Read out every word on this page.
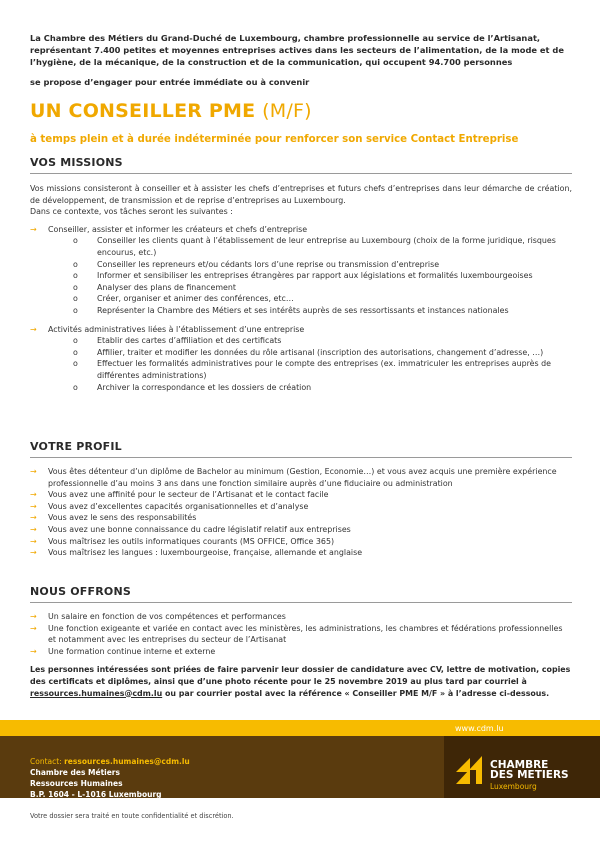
La Chambre des Métiers du Grand-Duché de Luxembourg, chambre professionnelle au service de l’Artisanat, représentant 7.400 petites et moyennes entreprises actives dans les secteurs de l’alimentation, de la mode et de l’hygiène, de la mécanique, de la construction et de la communication, qui occupent 94.700 personnes

se propose d’engager pour entrée immédiate ou à convenir

UN CONSEILLER PME (M/F)
à temps plein et à durée indéterminée pour renforcer son service Contact Entreprise
VOS MISSIONS
Vos missions consisteront à conseiller et à assister les chefs d’entreprises et futurs chefs d’entreprises dans leur démarche de création, de développement, de transmission et de reprise d’entreprises au Luxembourg.
Dans ce contexte, vos tâches seront les suivantes :
→	Conseiller, assister et informer les créateurs et chefs d’entreprise
o	Conseiller les clients quant à l’établissement de leur entreprise au Luxembourg (choix de la forme juridique, risques encourus, etc.)
o	Conseiller les repreneurs et/ou cédants lors d’une reprise ou transmission d’entreprise
o	Informer et sensibiliser les entreprises étrangères par rapport aux législations et formalités luxembourgeoises
o	Analyser des plans de financement
o	Créer, organiser et animer des conférences, etc…
o	Représenter la Chambre des Métiers et ses intérêts auprès de ses ressortissants et instances nationales
→	Activités administratives liées à l’établissement d’une entreprise
o	Etablir des cartes d’affiliation et des certificats
o	Affilier, traiter et modifier les données du rôle artisanal (inscription des autorisations, changement d’adresse, …)
o	Effectuer les formalités administratives pour le compte des entreprises (ex. immatriculer les entreprises auprès de différentes administrations)
o	Archiver la correspondance et les dossiers de création
VOTRE PROFIL
→	Vous êtes détenteur d’un diplôme de Bachelor au minimum (Gestion, Economie…) et vous avez acquis une première expérience professionnelle d’au moins 3 ans dans une fonction similaire auprès d’une fiduciaire ou administration
→	Vous avez une affinité pour le secteur de l’Artisanat et le contact facile
→	Vous avez d’excellentes capacités organisationnelles et d’analyse
→	Vous avez le sens des responsabilités
→	Vous avez une bonne connaissance du cadre législatif relatif aux entreprises
→	Vous maîtrisez les outils informatiques courants (MS OFFICE, Office 365)
→	Vous maîtrisez les langues : luxembourgeoise, française, allemande et anglaise
NOUS OFFRONS
→	Un salaire en fonction de vos compétences et performances
→	Une fonction exigeante et variée en contact avec les ministères, les administrations, les chambres et fédérations professionnelles et notamment avec les entreprises du secteur de l’Artisanat
→	Une formation continue interne et externe
Les personnes intéressées sont priées de faire parvenir leur dossier de candidature avec CV, lettre de motivation, copies des certificats et diplômes, ainsi que d’une photo récente pour le 25 novembre 2019 au plus tard par courriel à ressources.humaines@cdm.lu ou par courrier postal avec la référence « Conseiller PME M/F » à l’adresse ci-dessous.
www.cdm.lu
Contact: ressources.humaines@cdm.lu
Chambre des Métiers
Ressources Humaines
B.P. 1604 - L-1016 Luxembourg
CHAMBRE
DES METIERS
Luxembourg
Votre dossier sera traité en toute confidentialité et discrétion.
